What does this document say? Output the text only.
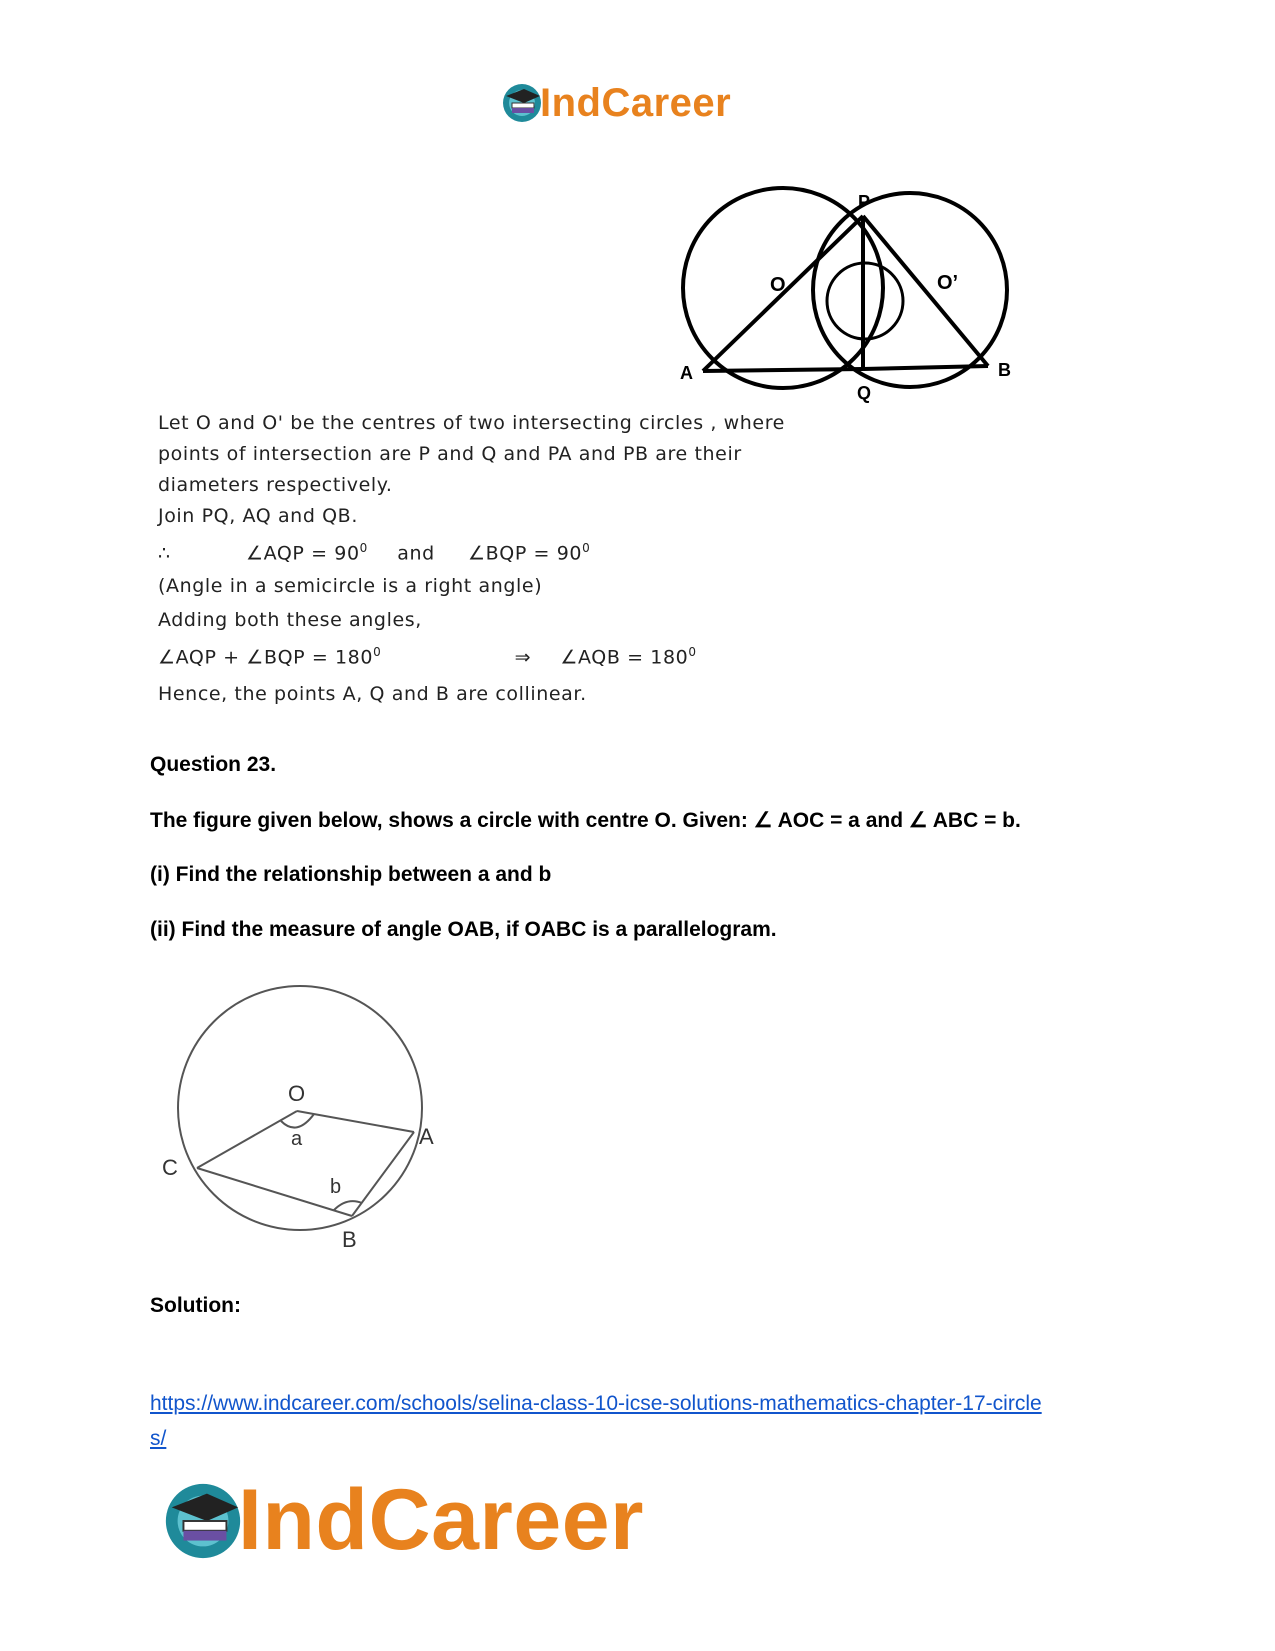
IndCareer
P
O	O’
A
Q
B
Let O and O' be the centres of two intersecting circles , where
points of intersection are P and Q and PA and PB are their
diameters respectively.
Join PQ, AQ and QB.
∴	∠AQP = $90^0$ and ∠BQP = $90^0$
(Angle in a semicircle is a right angle)
Adding both these angles,
∠AQP + ∠BQP = $180^0$	⇒ ∠AQB = $180^0$
Hence, the points A, Q and B are collinear.
Question 23.
The figure given below, shows a circle with centre O. Given: ∠ AOC = a and ∠ ABC = b.
(i) Find the relationship between a and b
(ii) Find the measure of angle OAB, if OABC is a parallelogram.
O
a	A
C
b
B
Solution:
https://www.indcareer.com/schools/selina-class-10-icse-solutions-mathematics-chapter-17-circle
s/
IndCareer
